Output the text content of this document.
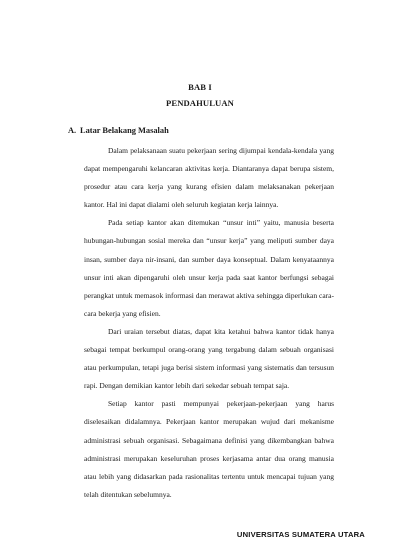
BAB I
PENDAHULUAN
A. Latar Belakang Masalah

Dalam pelaksanaan suatu pekerjaan sering dijumpai kendala-kendala yang dapat mempengaruhi kelancaran aktivitas kerja. Diantaranya dapat berupa sistem, prosedur atau cara kerja yang kurang efisien dalam melaksanakan pekerjaan kantor. Hal ini dapat dialami oleh seluruh kegiatan kerja lainnya.

Pada setiap kantor akan ditemukan “unsur inti” yaitu, manusia beserta hubungan-hubungan sosial mereka dan “unsur kerja” yang meliputi sumber daya insan, sumber daya nir-insani, dan sumber daya konseptual. Dalam kenyataannya unsur inti akan dipengaruhi oleh unsur kerja pada saat kantor berfungsi sebagai perangkat untuk memasok informasi dan merawat aktiva sehingga diperlukan cara-cara bekerja yang efisien.

Dari uraian tersebut diatas, dapat kita ketahui bahwa kantor tidak hanya sebagai tempat berkumpul orang-orang yang tergabung dalam sebuah organisasi atau perkumpulan, tetapi juga berisi sistem informasi yang sistematis dan tersusun rapi. Dengan demikian kantor lebih dari sekedar sebuah tempat saja.

Setiap kantor pasti mempunyai pekerjaan-pekerjaan yang harus diselesaikan didalamnya. Pekerjaan kantor merupakan wujud dari mekanisme administrasi sebuah organisasi. Sebagaimana definisi yang dikembangkan bahwa administrasi merupakan keseluruhan proses kerjasama antar dua orang manusia atau lebih yang didasarkan pada rasionalitas tertentu untuk mencapai tujuan yang telah ditentukan sebelumnya.

UNIVERSITAS SUMATERA UTARA
